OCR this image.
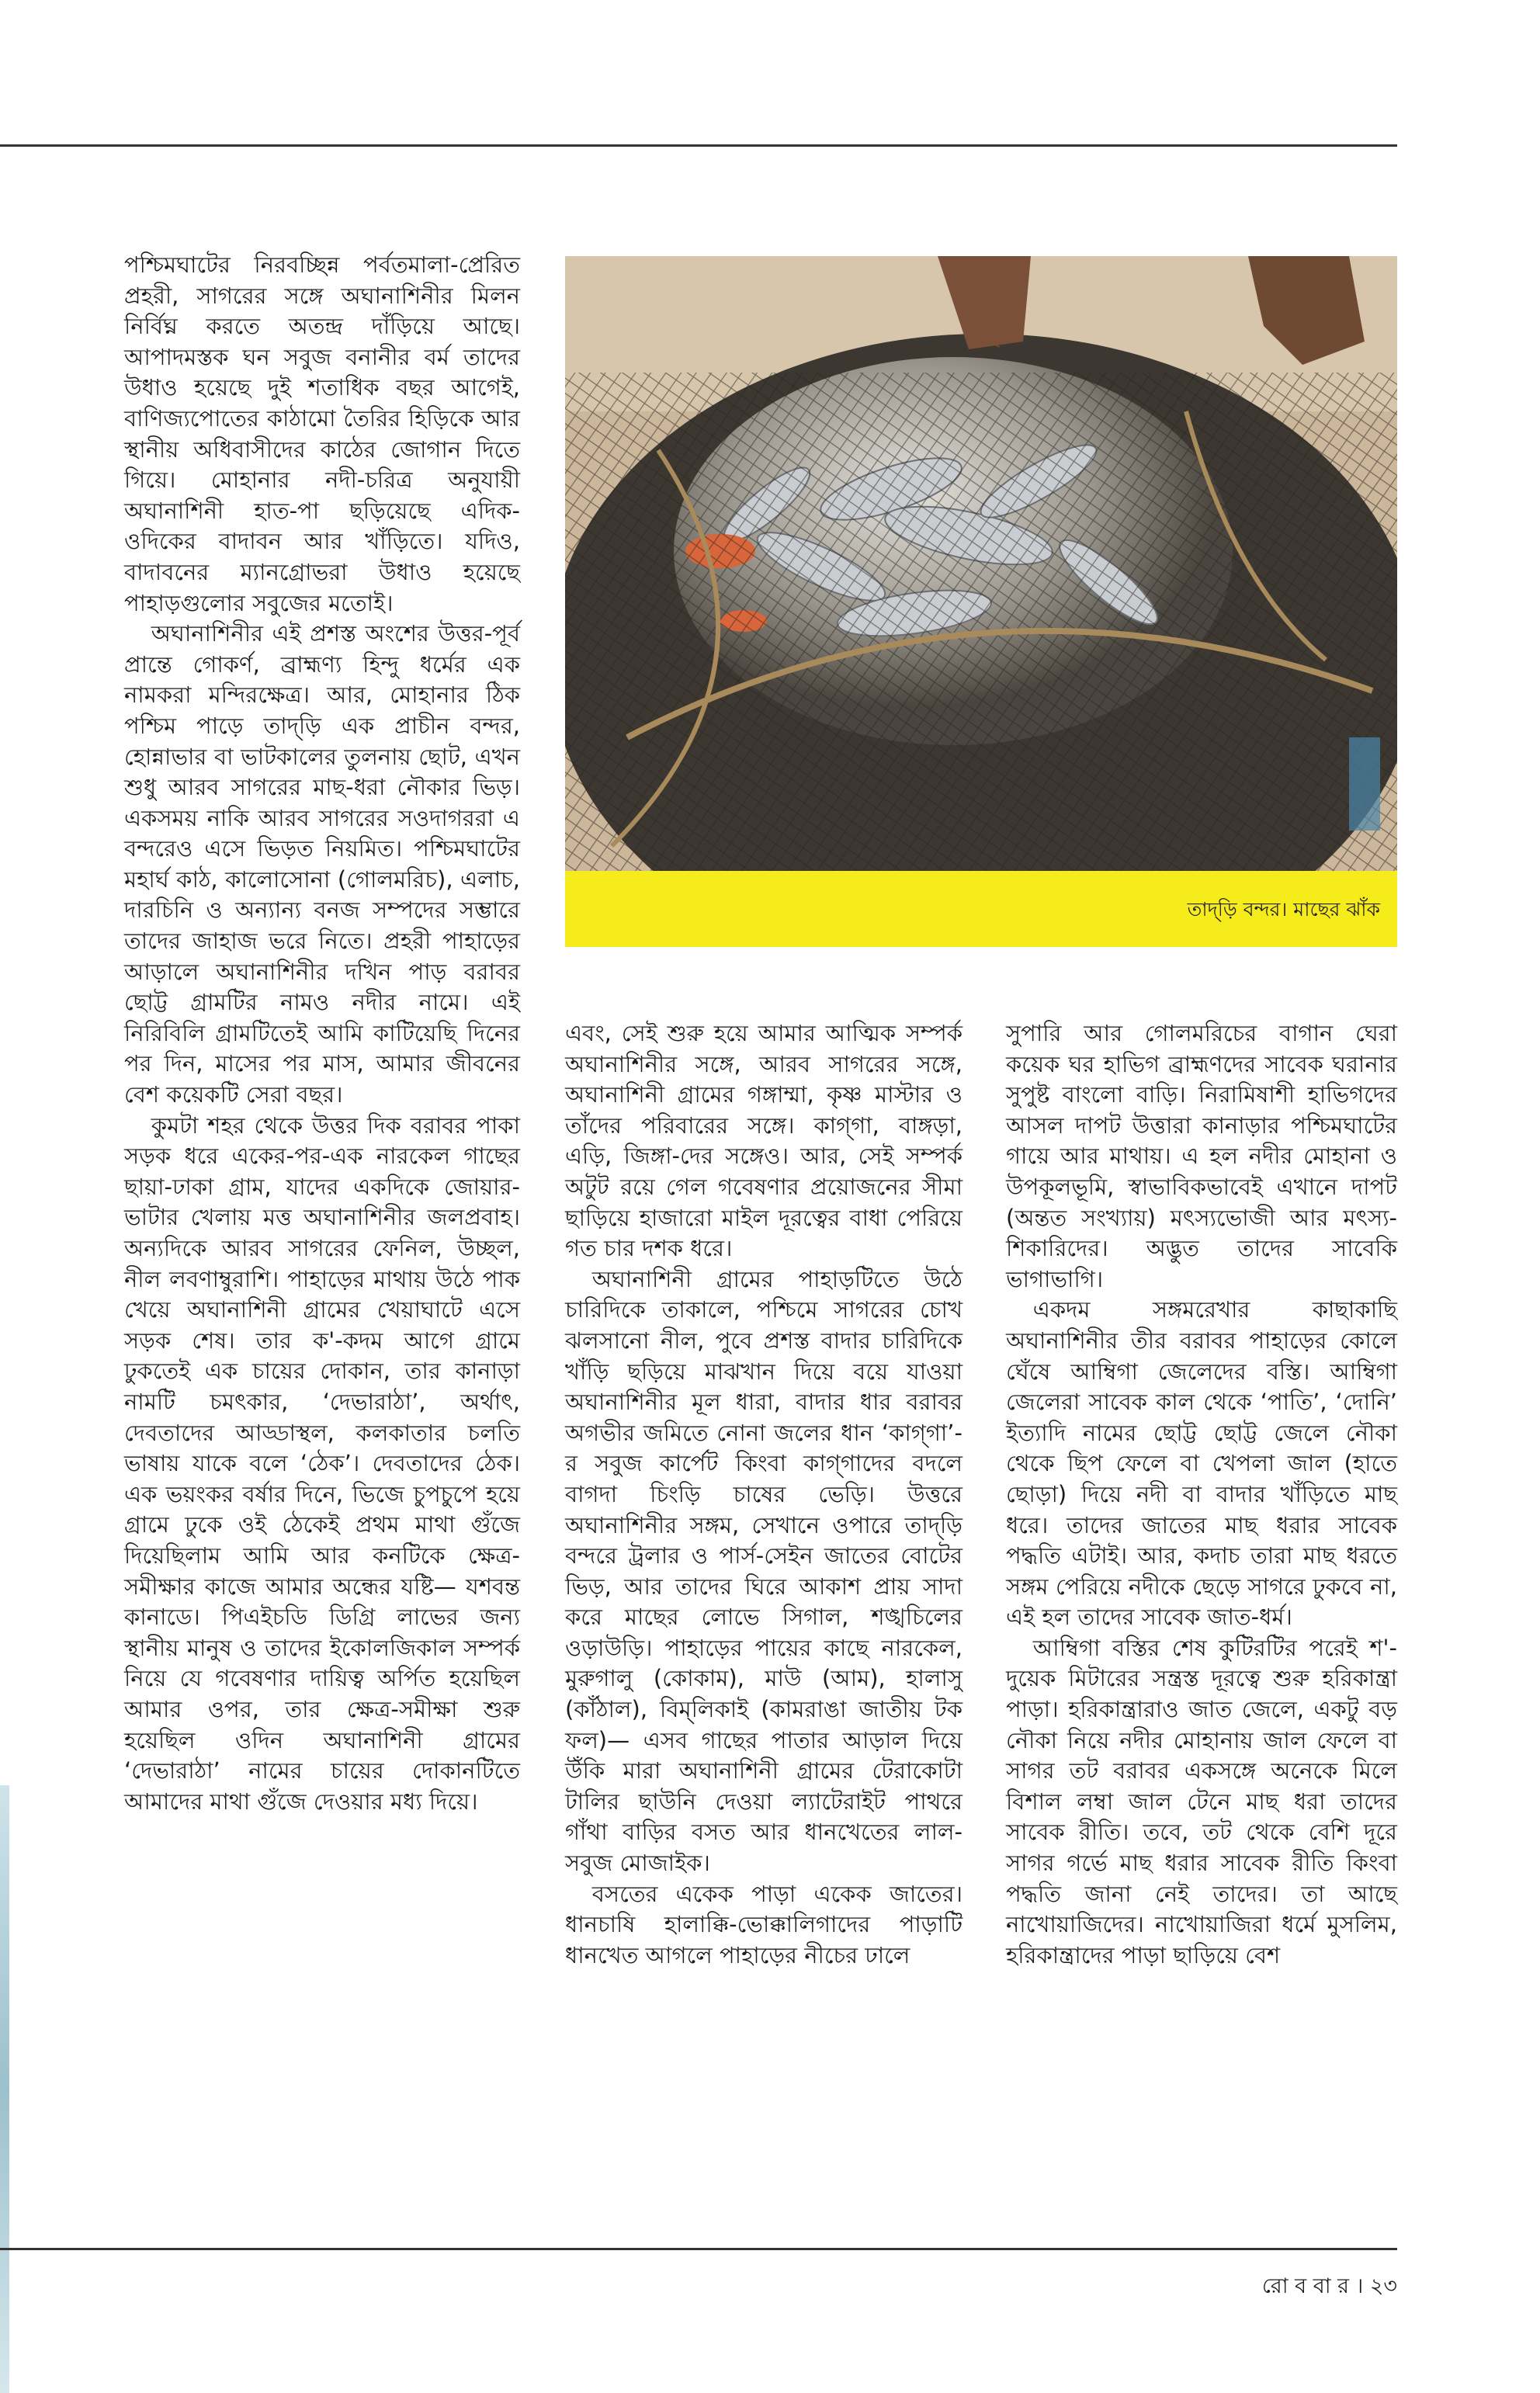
পশ্চিমঘাটের নিরবচ্ছিন্ন পর্বতমালা-প্রেরিত প্রহরী, সাগরের সঙ্গে অঘানাশিনীর মিলন নির্বিঘ্ন করতে অতন্দ্র দাঁড়িয়ে আছে। আপাদমস্তক ঘন সবুজ বনানীর বর্ম তাদের উধাও হয়েছে দুই শতাধিক বছর আগেই, বাণিজ্যপোতের কাঠামো তৈরির হিড়িকে আর স্থানীয় অধিবাসীদের কাঠের জোগান দিতে গিয়ে। মোহানার নদী-চরিত্র অনুযায়ী অঘানাশিনী হাত-পা ছড়িয়েছে এদিক-ওদিকের বাদাবন আর খাঁড়িতে। যদিও, বাদাবনের ম্যানগ্রোভরা উধাও হয়েছে পাহাড়গুলোর সবুজের মতোই।

অঘানাশিনীর এই প্রশস্ত অংশের উত্তর-পূর্ব প্রান্তে গোকর্ণ, ব্রাহ্মণ্য হিন্দু ধর্মের এক নামকরা মন্দিরক্ষেত্র। আর, মোহানার ঠিক পশ্চিম পাড়ে তাদ্‌ড়ি এক প্রাচীন বন্দর, হোন্নাভার বা ভাটকালের তুলনায় ছোট, এখন শুধু আরব সাগরের মাছ-ধরা নৌকার ভিড়। একসময় নাকি আরব সাগরের সওদাগররা এ বন্দরেও এসে ভিড়ত নিয়মিত। পশ্চিমঘাটের মহার্ঘ কাঠ, কালোসোনা (গোলমরিচ), এলাচ, দারচিনি ও অন্যান্য বনজ সম্পদের সম্ভারে তাদের জাহাজ ভরে নিতে। প্রহরী পাহাড়ের আড়ালে অঘানাশিনীর দখিন পাড় বরাবর ছোট্ট গ্রামটির নামও নদীর নামে। এই নিরিবিলি গ্রামটিতেই আমি কাটিয়েছি দিনের পর দিন, মাসের পর মাস, আমার জীবনের বেশ কয়েকটি সেরা বছর।

কুমটা শহর থেকে উত্তর দিক বরাবর পাকা সড়ক ধরে একের-পর-এক নারকেল গাছের ছায়া-ঢাকা গ্রাম, যাদের একদিকে জোয়ার-ভাটার খেলায় মত্ত অঘানাশিনীর জলপ্রবাহ। অন্যদিকে আরব সাগরের ফেনিল, উচ্ছল, নীল লবণাম্বুরাশি। পাহাড়ের মাথায় উঠে পাক খেয়ে অঘানাশিনী গ্রামের খেয়াঘাটে এসে সড়ক শেষ। তার ক'-কদম আগে গ্রামে ঢুকতেই এক চায়ের দোকান, তার কানাড়া নামটি চমৎকার, ‘দেভারাঠা’, অর্থাৎ, দেবতাদের আড্ডাস্থল, কলকাতার চলতি ভাষায় যাকে বলে ‘ঠেক’। দেবতাদের ঠেক। এক ভয়ংকর বর্ষার দিনে, ভিজে চুপচুপে হয়ে গ্রামে ঢুকে ওই ঠেকেই প্রথম মাথা গুঁজে দিয়েছিলাম আমি আর কনটিকে ক্ষেত্র-সমীক্ষার কাজে আমার অন্ধের যষ্টি— যশবন্ত কানাডে। পিএইচডি ডিগ্রি লাভের জন্য স্থানীয় মানুষ ও তাদের ইকোলজিকাল সম্পর্ক নিয়ে যে গবেষণার দায়িত্ব অর্পিত হয়েছিল আমার ওপর, তার ক্ষেত্র-সমীক্ষা শুরু হয়েছিল ওদিন অঘানাশিনী গ্রামের ‘দেভারাঠা’ নামের চায়ের দোকানটিতে আমাদের মাথা গুঁজে দেওয়ার মধ্য দিয়ে।

তাদ্‌ড়ি বন্দর। মাছের ঝাঁক

এবং, সেই শুরু হয়ে আমার আত্মিক সম্পর্ক অঘানাশিনীর সঙ্গে, আরব সাগরের সঙ্গে, অঘানাশিনী গ্রামের গঙ্গাম্মা, কৃষ্ণ মাস্টার ও তাঁদের পরিবারের সঙ্গে। কাগ্‌গা, বাঙ্গড়া, এড়ি, জিঙ্গা-দের সঙ্গেও। আর, সেই সম্পর্ক অটুট রয়ে গেল গবেষণার প্রয়োজনের সীমা ছাড়িয়ে হাজারো মাইল দূরত্বের বাধা পেরিয়ে গত চার দশক ধরে।

অঘানাশিনী গ্রামের পাহাড়টিতে উঠে চারিদিকে তাকালে, পশ্চিমে সাগরের চোখ ঝলসানো নীল, পুবে প্রশস্ত বাদার চারিদিকে খাঁড়ি ছড়িয়ে মাঝখান দিয়ে বয়ে যাওয়া অঘানাশিনীর মূল ধারা, বাদার ধার বরাবর অগভীর জমিতে নোনা জলের ধান ‘কাগ্‌গা’-র সবুজ কার্পেট কিংবা কাগ্‌গাদের বদলে বাগদা চিংড়ি চাষের ভেড়ি। উত্তরে অঘানাশিনীর সঙ্গম, সেখানে ওপারে তাদ্‌ড়ি বন্দরে ট্রলার ও পার্স-সেইন জাতের বোটের ভিড়, আর তাদের ঘিরে আকাশ প্রায় সাদা করে মাছের লোভে সিগাল, শঙ্খচিলের ওড়াউড়ি। পাহাড়ের পায়ের কাছে নারকেল, মুরুগালু (কোকাম), মাউ (আম), হালাসু (কাঁঠাল), বিম্‌লিকাই (কামরাঙা জাতীয় টক ফল)— এসব গাছের পাতার আড়াল দিয়ে উঁকি মারা অঘানাশিনী গ্রামের টেরাকোটা টালির ছাউনি দেওয়া ল্যাটেরাইট পাথরে গাঁথা বাড়ির বসত আর ধানখেতের লাল-সবুজ মোজাইক।

বসতের একেক পাড়া একেক জাতের। ধানচাষি হালাক্কি-ভোক্কালিগাদের পাড়াটি ধানখেত আগলে পাহাড়ের নীচের ঢালে

সুপারি আর গোলমরিচের বাগান ঘেরা কয়েক ঘর হাভিগ ব্রাহ্মণদের সাবেক ঘরানার সুপুষ্ট বাংলো বাড়ি। নিরামিষাশী হাভিগদের আসল দাপট উত্তারা কানাড়ার পশ্চিমঘাটের গায়ে আর মাথায়। এ হল নদীর মোহানা ও উপকূলভূমি, স্বাভাবিকভাবেই এখানে দাপট (অন্তত সংখ্যায়) মৎস্যভোজী আর মৎস্য-শিকারিদের। অদ্ভুত তাদের সাবেকি ভাগাভাগি।

একদম সঙ্গমরেখার কাছাকাছি অঘানাশিনীর তীর বরাবর পাহাড়ের কোলে ঘেঁষে আম্বিগা জেলেদের বস্তি। আম্বিগা জেলেরা সাবেক কাল থেকে ‘পাতি’, ‘দোনি’ ইত্যাদি নামের ছোট্ট ছোট্ট জেলে নৌকা থেকে ছিপ ফেলে বা খেপলা জাল (হাতে ছোড়া) দিয়ে নদী বা বাদার খাঁড়িতে মাছ ধরে। তাদের জাতের মাছ ধরার সাবেক পদ্ধতি এটাই। আর, কদাচ তারা মাছ ধরতে সঙ্গম পেরিয়ে নদীকে ছেড়ে সাগরে ঢুকবে না, এই হল তাদের সাবেক জাত-ধর্ম।

আম্বিগা বস্তির শেষ কুটিরটির পরেই শ'-দুয়েক মিটারের সন্ত্রস্ত দূরত্বে শুরু হরিকান্ত্রা পাড়া। হরিকান্ত্রারাও জাত জেলে, একটু বড় নৌকা নিয়ে নদীর মোহানায় জাল ফেলে বা সাগর তট বরাবর একসঙ্গে অনেকে মিলে বিশাল লম্বা জাল টেনে মাছ ধরা তাদের সাবেক রীতি। তবে, তট থেকে বেশি দূরে সাগর গর্ভে মাছ ধরার সাবেক রীতি কিংবা পদ্ধতি জানা নেই তাদের। তা আছে নাখোয়াজিদের। নাখোয়াজিরা ধর্মে মুসলিম, হরিকান্ত্রাদের পাড়া ছাড়িয়ে বেশ

রো ব বা র । ২৩
